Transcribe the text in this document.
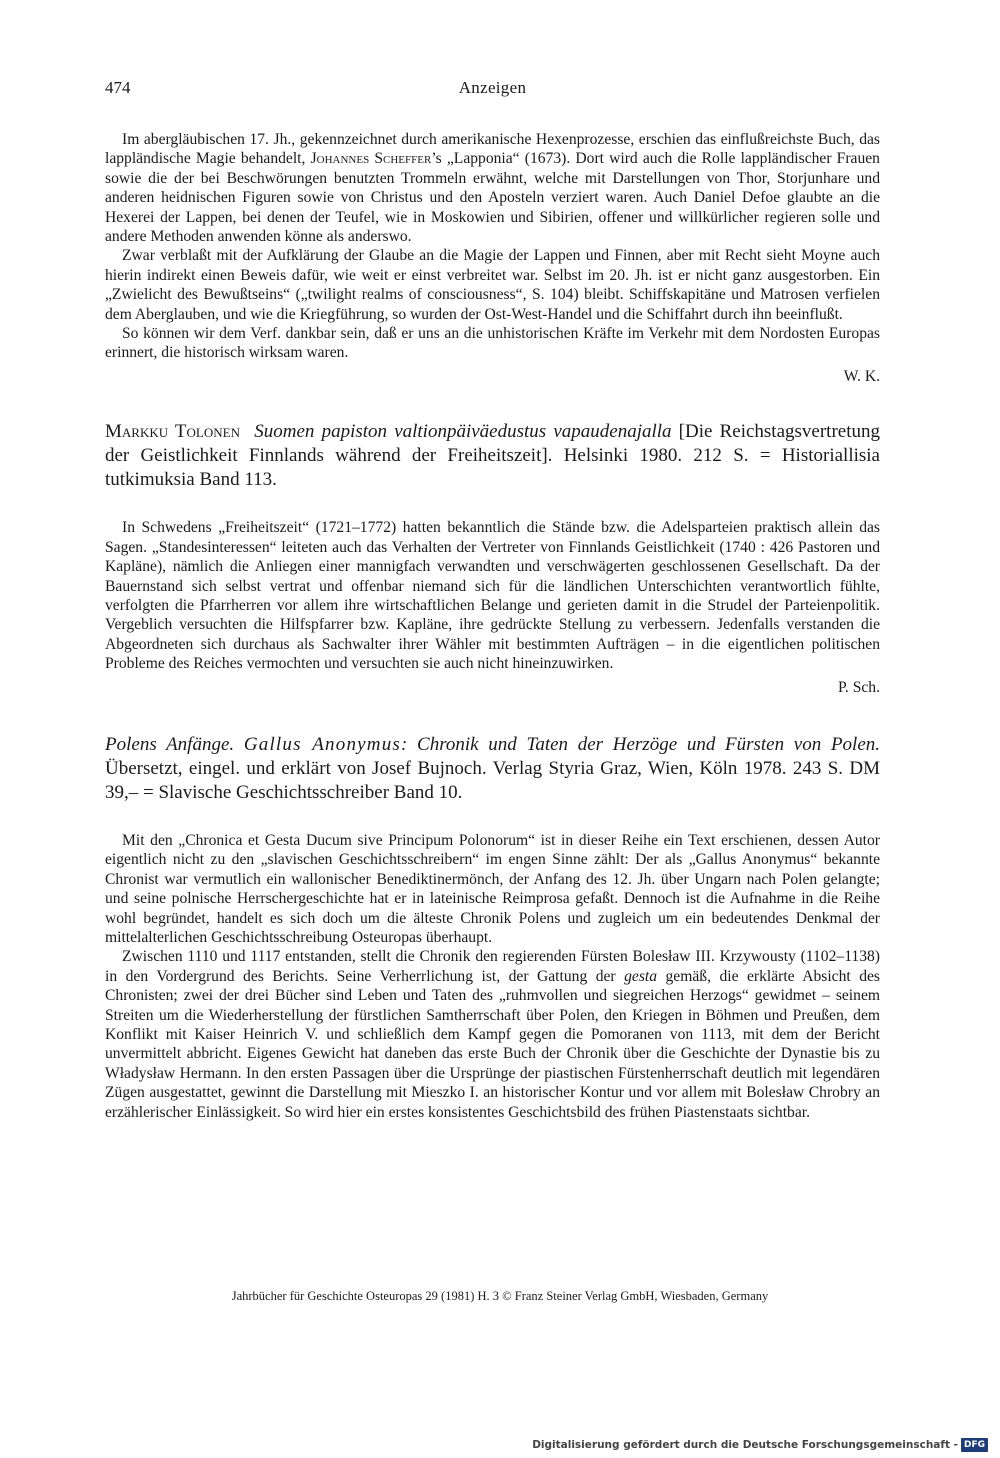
474	Anzeigen

Im abergläubischen 17. Jh., gekennzeichnet durch amerikanische Hexenprozesse, erschien das einflußreichste Buch, das lappländische Magie behandelt, Johannes Scheffer’s „Lapponia“ (1673). Dort wird auch die Rolle lappländischer Frauen sowie die der bei Beschwörungen benutzten Trommeln erwähnt, welche mit Darstellungen von Thor, Storjunhare und anderen heidnischen Figuren sowie von Christus und den Aposteln verziert waren. Auch Daniel Defoe glaubte an die Hexerei der Lappen, bei denen der Teufel, wie in Moskowien und Sibirien, offener und willkürlicher regieren solle und andere Methoden anwenden könne als anderswo.

Zwar verblaßt mit der Aufklärung der Glaube an die Magie der Lappen und Finnen, aber mit Recht sieht Moyne auch hierin indirekt einen Beweis dafür, wie weit er einst verbreitet war. Selbst im 20. Jh. ist er nicht ganz ausgestorben. Ein „Zwielicht des Bewußtseins“ („twilight realms of consciousness“, S. 104) bleibt. Schiffskapitäne und Matrosen verfielen dem Aberglauben, und wie die Kriegführung, so wurden der Ost-West-Handel und die Schiffahrt durch ihn beeinflußt.

So können wir dem Verf. dankbar sein, daß er uns an die unhistorischen Kräfte im Verkehr mit dem Nordosten Europas erinnert, die historisch wirksam waren.

W. K.

Markku Tolonen Suomen papiston valtionpäiväedustus vapaudenajalla [Die Reichstagsvertretung der Geistlichkeit Finnlands während der Freiheitszeit]. Helsinki 1980. 212 S. = Historiallisia tutkimuksia Band 113.

In Schwedens „Freiheitszeit“ (1721–1772) hatten bekanntlich die Stände bzw. die Adelsparteien praktisch allein das Sagen. „Standesinteressen“ leiteten auch das Verhalten der Vertreter von Finnlands Geistlichkeit (1740 : 426 Pastoren und Kapläne), nämlich die Anliegen einer mannigfach verwandten und verschwägerten geschlossenen Gesellschaft. Da der Bauernstand sich selbst vertrat und offenbar niemand sich für die ländlichen Unterschichten verantwortlich fühlte, verfolgten die Pfarrherren vor allem ihre wirtschaftlichen Belange und gerieten damit in die Strudel der Parteienpolitik. Vergeblich versuchten die Hilfspfarrer bzw. Kapläne, ihre gedrückte Stellung zu verbessern. Jedenfalls verstanden die Abgeordneten sich durchaus als Sachwalter ihrer Wähler mit bestimmten Aufträgen – in die eigentlichen politischen Probleme des Reiches vermochten und versuchten sie auch nicht hineinzuwirken.

P. Sch.

Polens Anfänge. Gallus Anonymus: Chronik und Taten der Herzöge und Fürsten von Polen. Übersetzt, eingel. und erklärt von Josef Bujnoch. Verlag Styria Graz, Wien, Köln 1978. 243 S. DM 39,– = Slavische Geschichtsschreiber Band 10.

Mit den „Chronica et Gesta Ducum sive Principum Polonorum“ ist in dieser Reihe ein Text erschienen, dessen Autor eigentlich nicht zu den „slavischen Geschichtsschreibern“ im engen Sinne zählt: Der als „Gallus Anonymus“ bekannte Chronist war vermutlich ein wallonischer Benediktinermönch, der Anfang des 12. Jh. über Ungarn nach Polen gelangte; und seine polnische Herrschergeschichte hat er in lateinische Reimprosa gefaßt. Dennoch ist die Aufnahme in die Reihe wohl begründet, handelt es sich doch um die älteste Chronik Polens und zugleich um ein bedeutendes Denkmal der mittelalterlichen Geschichtsschreibung Osteuropas überhaupt.

Zwischen 1110 und 1117 entstanden, stellt die Chronik den regierenden Fürsten Bolesław III. Krzywousty (1102–1138) in den Vordergrund des Berichts. Seine Verherrlichung ist, der Gattung der gesta gemäß, die erklärte Absicht des Chronisten; zwei der drei Bücher sind Leben und Taten des „ruhmvollen und siegreichen Herzogs“ gewidmet – seinem Streiten um die Wiederherstellung der fürstlichen Samtherrschaft über Polen, den Kriegen in Böhmen und Preußen, dem Konflikt mit Kaiser Heinrich V. und schließlich dem Kampf gegen die Pomoranen von 1113, mit dem der Bericht unvermittelt abbricht. Eigenes Gewicht hat daneben das erste Buch der Chronik über die Geschichte der Dynastie bis zu Władysław Hermann. In den ersten Passagen über die Ursprünge der piastischen Fürstenherrschaft deutlich mit legendären Zügen ausgestattet, gewinnt die Darstellung mit Mieszko I. an historischer Kontur und vor allem mit Bolesław Chrobry an erzählerischer Einlässigkeit. So wird hier ein erstes konsistentes Geschichtsbild des frühen Piastenstaats sichtbar.

Jahrbücher für Geschichte Osteuropas 29 (1981) H. 3 © Franz Steiner Verlag GmbH, Wiesbaden, Germany
Digitalisierung gefördert durch die Deutsche Forschungsgemeinschaft - DFG
